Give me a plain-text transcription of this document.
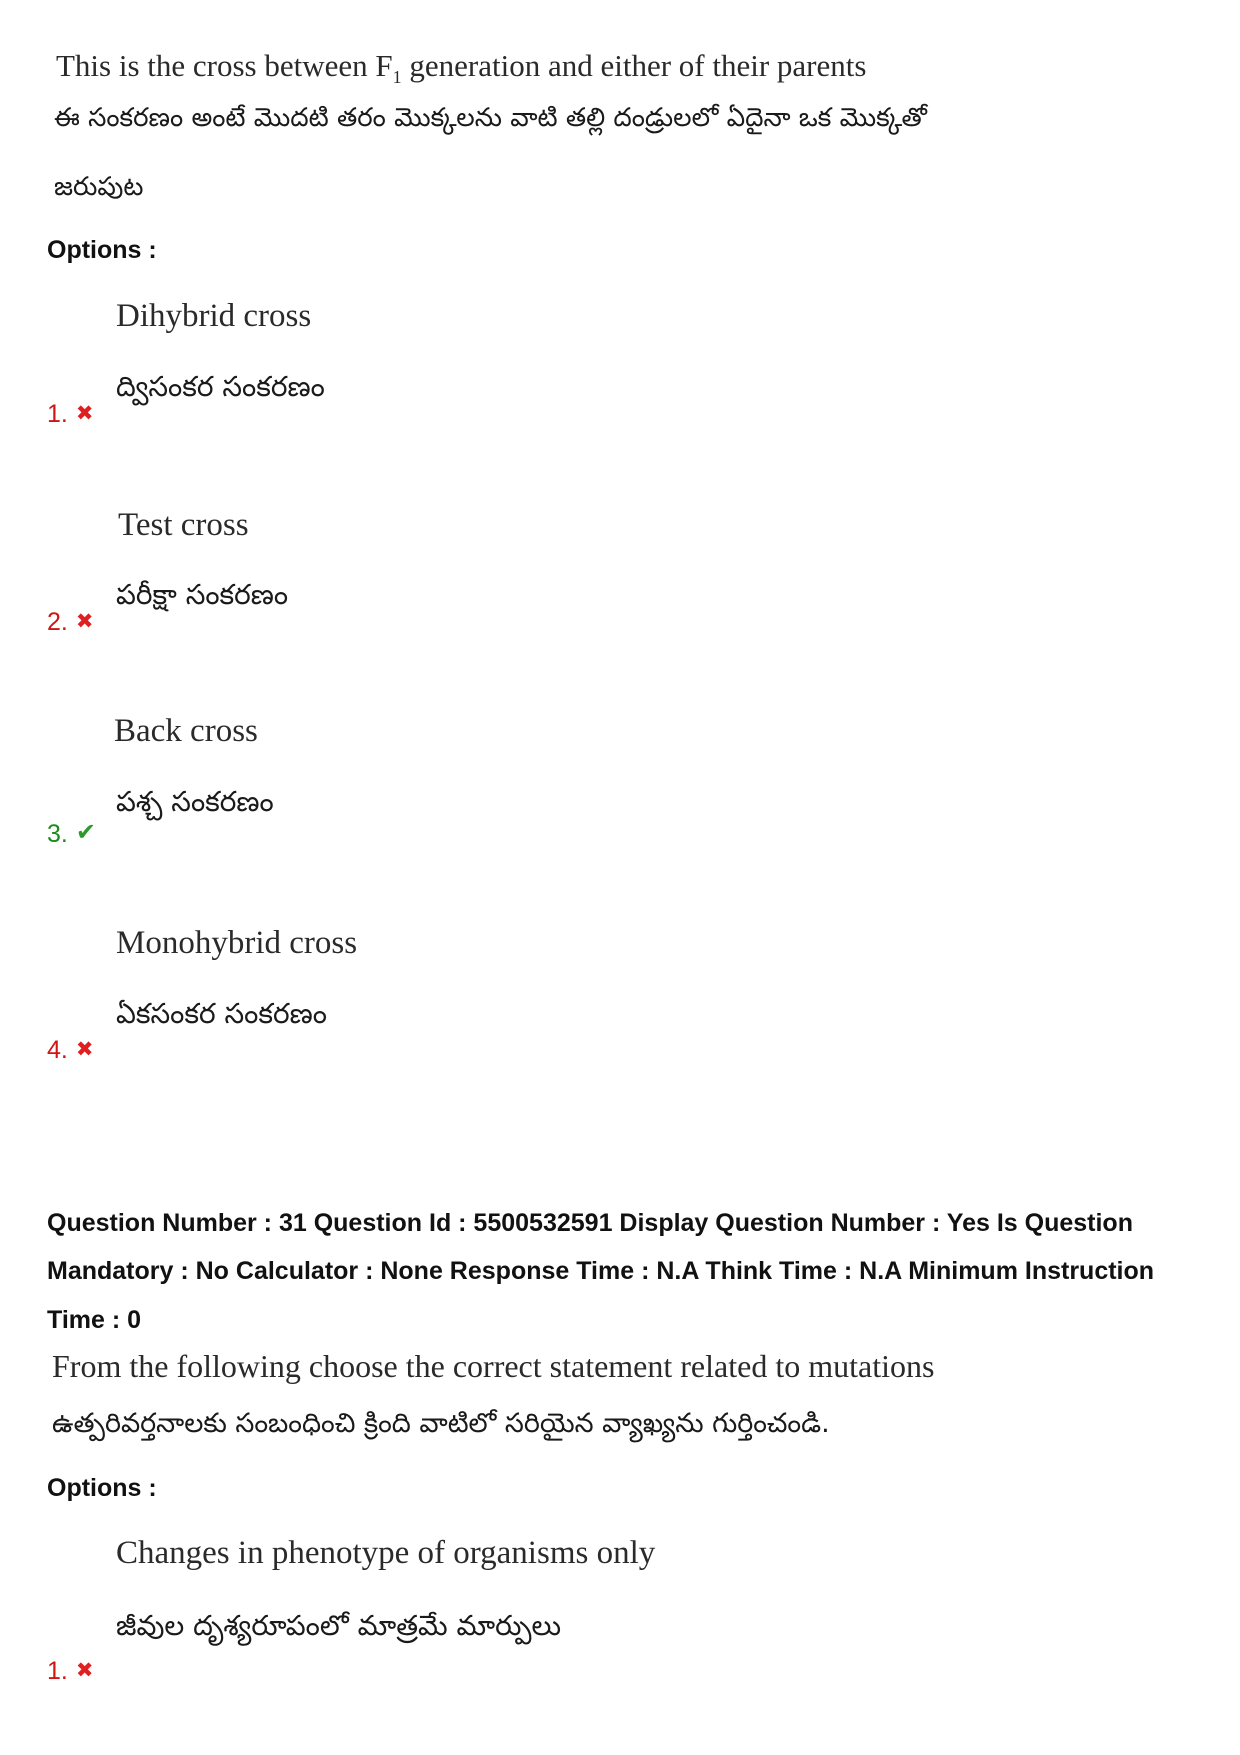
This is the cross between $F_1$ generation and either of their parents
ఈ సంకరణం అంటే మొదటి తరం మొక్కలను వాటి తల్లి దండ్రులలో ఏదైనా ఒక మొక్కతో
జరుపుట
Options :
Dihybrid cross
ద్విసంకర సంకరణం
1. ✖
Test cross
పరీక్షా సంకరణం
2. ✖
Back cross
పశ్చ సంకరణం
3. ✔
Monohybrid cross
ఏకసంకర సంకరణం
4. ✖
Question Number : 31 Question Id : 5500532591 Display Question Number : Yes Is Question
Mandatory : No Calculator : None Response Time : N.A Think Time : N.A Minimum Instruction
Time : 0
From the following choose the correct statement related to mutations
ఉత్పరివర్తనాలకు సంబంధించి క్రింది వాటిలో సరియైన వ్యాఖ్యను గుర్తించండి.
Options :
Changes in phenotype of organisms only
జీవుల దృశ్యరూపంలో మాత్రమే మార్పులు
1. ✖
